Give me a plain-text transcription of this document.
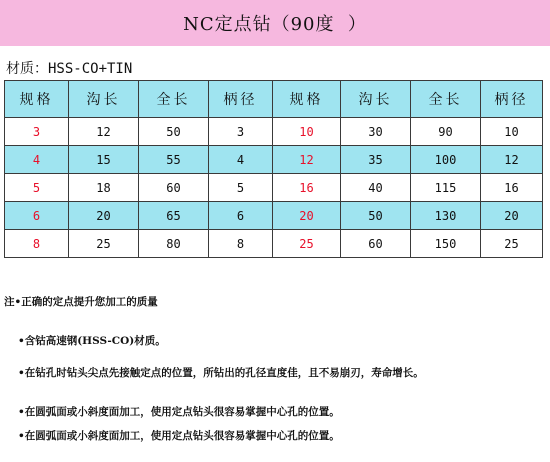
NC定点钻（90度  ）
材质：HSS-CO+TIN
规格	沟长	全长	柄径	规格	沟长	全长	柄径
3	12	50	3	10	30	90	10
4	15	55	4	12	35	100	12
5	18	60	5	16	40	115	16
6	20	65	6	20	50	130	20
8	25	80	8	25	60	150	25
注•正确的定点提升您加工的质量
•含钴高速钢(HSS-CO)材质。
•在钻孔时钻头尖点先接触定点的位置，所钻出的孔径直度佳，且不易崩刃，寿命增长。
•在圆弧面或小斜度面加工，使用定点钻头很容易掌握中心孔的位置。
•在圆弧面或小斜度面加工，使用定点钻头很容易掌握中心孔的位置。
